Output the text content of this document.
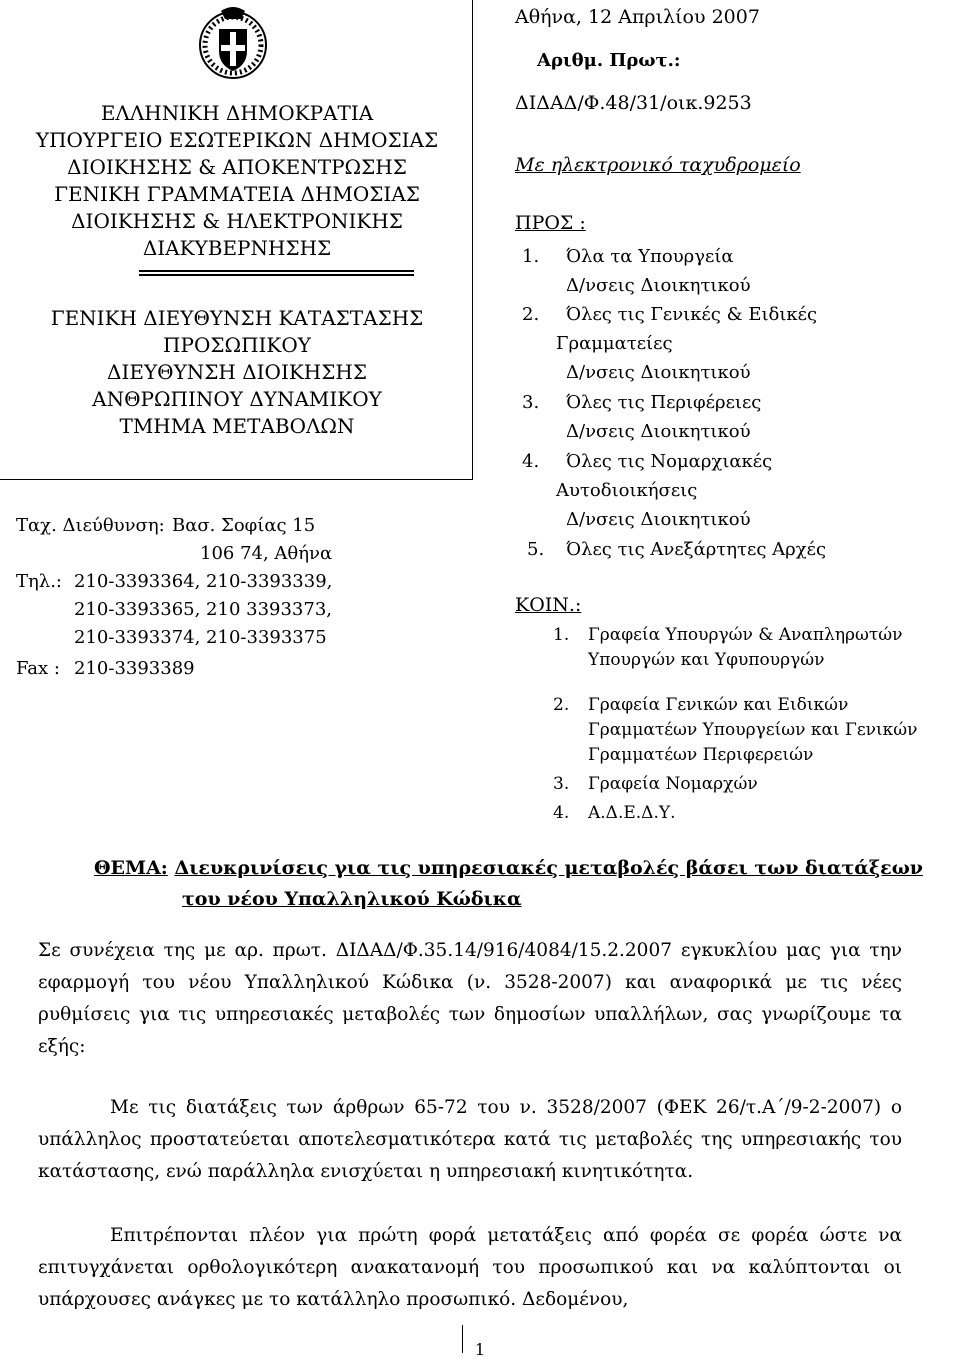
ΕΛΛΗΝΙΚΗ ΔΗΜΟΚΡΑΤΙΑ
ΥΠΟΥΡΓΕΙΟ ΕΣΩΤΕΡΙΚΩΝ ΔΗΜΟΣΙΑΣ
ΔΙΟΙΚΗΣΗΣ & ΑΠΟΚΕΝΤΡΩΣΗΣ
ΓΕΝΙΚΗ ΓΡΑΜΜΑΤΕΙΑ ΔΗΜΟΣΙΑΣ
ΔΙΟΙΚΗΣΗΣ & ΗΛΕΚΤΡΟΝΙΚΗΣ
ΔΙΑΚΥΒΕΡΝΗΣΗΣ
ΓΕΝΙΚΗ ΔΙΕΥΘΥΝΣΗ ΚΑΤΑΣΤΑΣΗΣ
ΠΡΟΣΩΠΙΚΟΥ
ΔΙΕΥΘΥΝΣΗ ΔΙΟΙΚΗΣΗΣ
ΑΝΘΡΩΠΙΝΟΥ ΔΥΝΑΜΙΚΟΥ
ΤΜΗΜΑ ΜΕΤΑΒΟΛΩΝ
Ταχ. Διεύθυνση: Βασ. Σοφίας 15
106 74, Αθήνα
Τηλ.: 210-3393364, 210-3393339,
210-3393365, 210 3393373,
210-3393374, 210-3393375
Fax : 210-3393389
Αθήνα, 12 Απριλίου 2007
Αριθμ. Πρωτ.:
ΔΙΔΑΔ/Φ.48/31/οικ.9253
Με ηλεκτρονικό ταχυδρομείο
ΠΡΟΣ :
1. Όλα τα Υπουργεία
Δ/νσεις Διοικητικού
2. Όλες τις Γενικές & Ειδικές
Γραμματείες
Δ/νσεις Διοικητικού
3. Όλες τις Περιφέρειες
Δ/νσεις Διοικητικού
4. Όλες τις Νομαρχιακές
Αυτοδιοικήσεις
Δ/νσεις Διοικητικού
5. Όλες τις Ανεξάρτητες Αρχές
ΚΟΙΝ.:
1. Γραφεία Υπουργών & Αναπληρωτών
Υπουργών και Υφυπουργών
2. Γραφεία Γενικών και Ειδικών
Γραμματέων Υπουργείων και Γενικών
Γραμματέων Περιφερειών
3. Γραφεία Νομαρχών
4. Α.Δ.Ε.Δ.Υ.
ΘΕΜΑ: Διευκρινίσεις για τις υπηρεσιακές μεταβολές βάσει των διατάξεων
του νέου Υπαλληλικού Κώδικα
Σε συνέχεια της με αρ. πρωτ. ΔΙΔΑΔ/Φ.35.14/916/4084/15.2.2007 εγκυκλίου μας για την εφαρμογή του νέου Υπαλληλικού Κώδικα (ν. 3528-2007) και αναφορικά με τις νέες ρυθμίσεις για τις υπηρεσιακές μεταβολές των δημοσίων υπαλλήλων, σας γνωρίζουμε τα εξής:
Με τις διατάξεις των άρθρων 65-72 του ν. 3528/2007 (ΦΕΚ 26/τ.Α΄/9-2-2007) ο υπάλληλος προστατεύεται αποτελεσματικότερα κατά τις μεταβολές της υπηρεσιακής του κατάστασης, ενώ παράλληλα ενισχύεται η υπηρεσιακή κινητικότητα.
Επιτρέπονται πλέον για πρώτη φορά μετατάξεις από φορέα σε φορέα ώστε να επιτυγχάνεται ορθολογικότερη ανακατανομή του προσωπικού και να καλύπτονται οι υπάρχουσες ανάγκες με το κατάλληλο προσωπικό. Δεδομένου,
1
